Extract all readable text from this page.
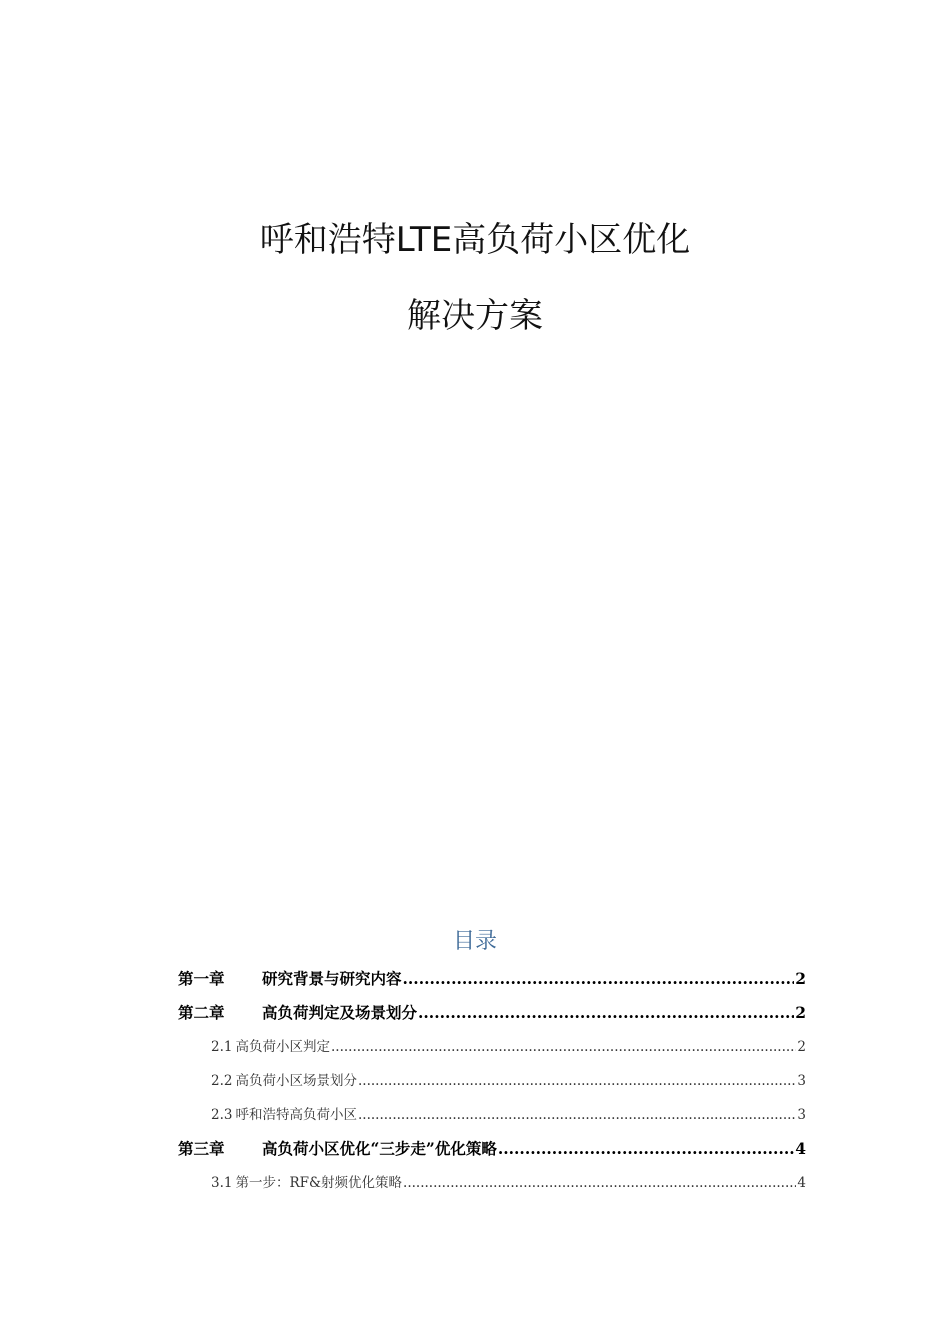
呼和浩特LTE高负荷小区优化
解决方案
目录
第一章	研究背景与研究内容 .....	2
第二章	高负荷判定及场景划分 .....	2
2.1 高负荷小区判定 .....	2
2.2 高负荷小区场景划分 .....	3
2.3 呼和浩特高负荷小区 .....	3
第三章	高负荷小区优化“三步走”优化策略 .....	4
3.1 第一步：RF&射频优化策略 .....	4
